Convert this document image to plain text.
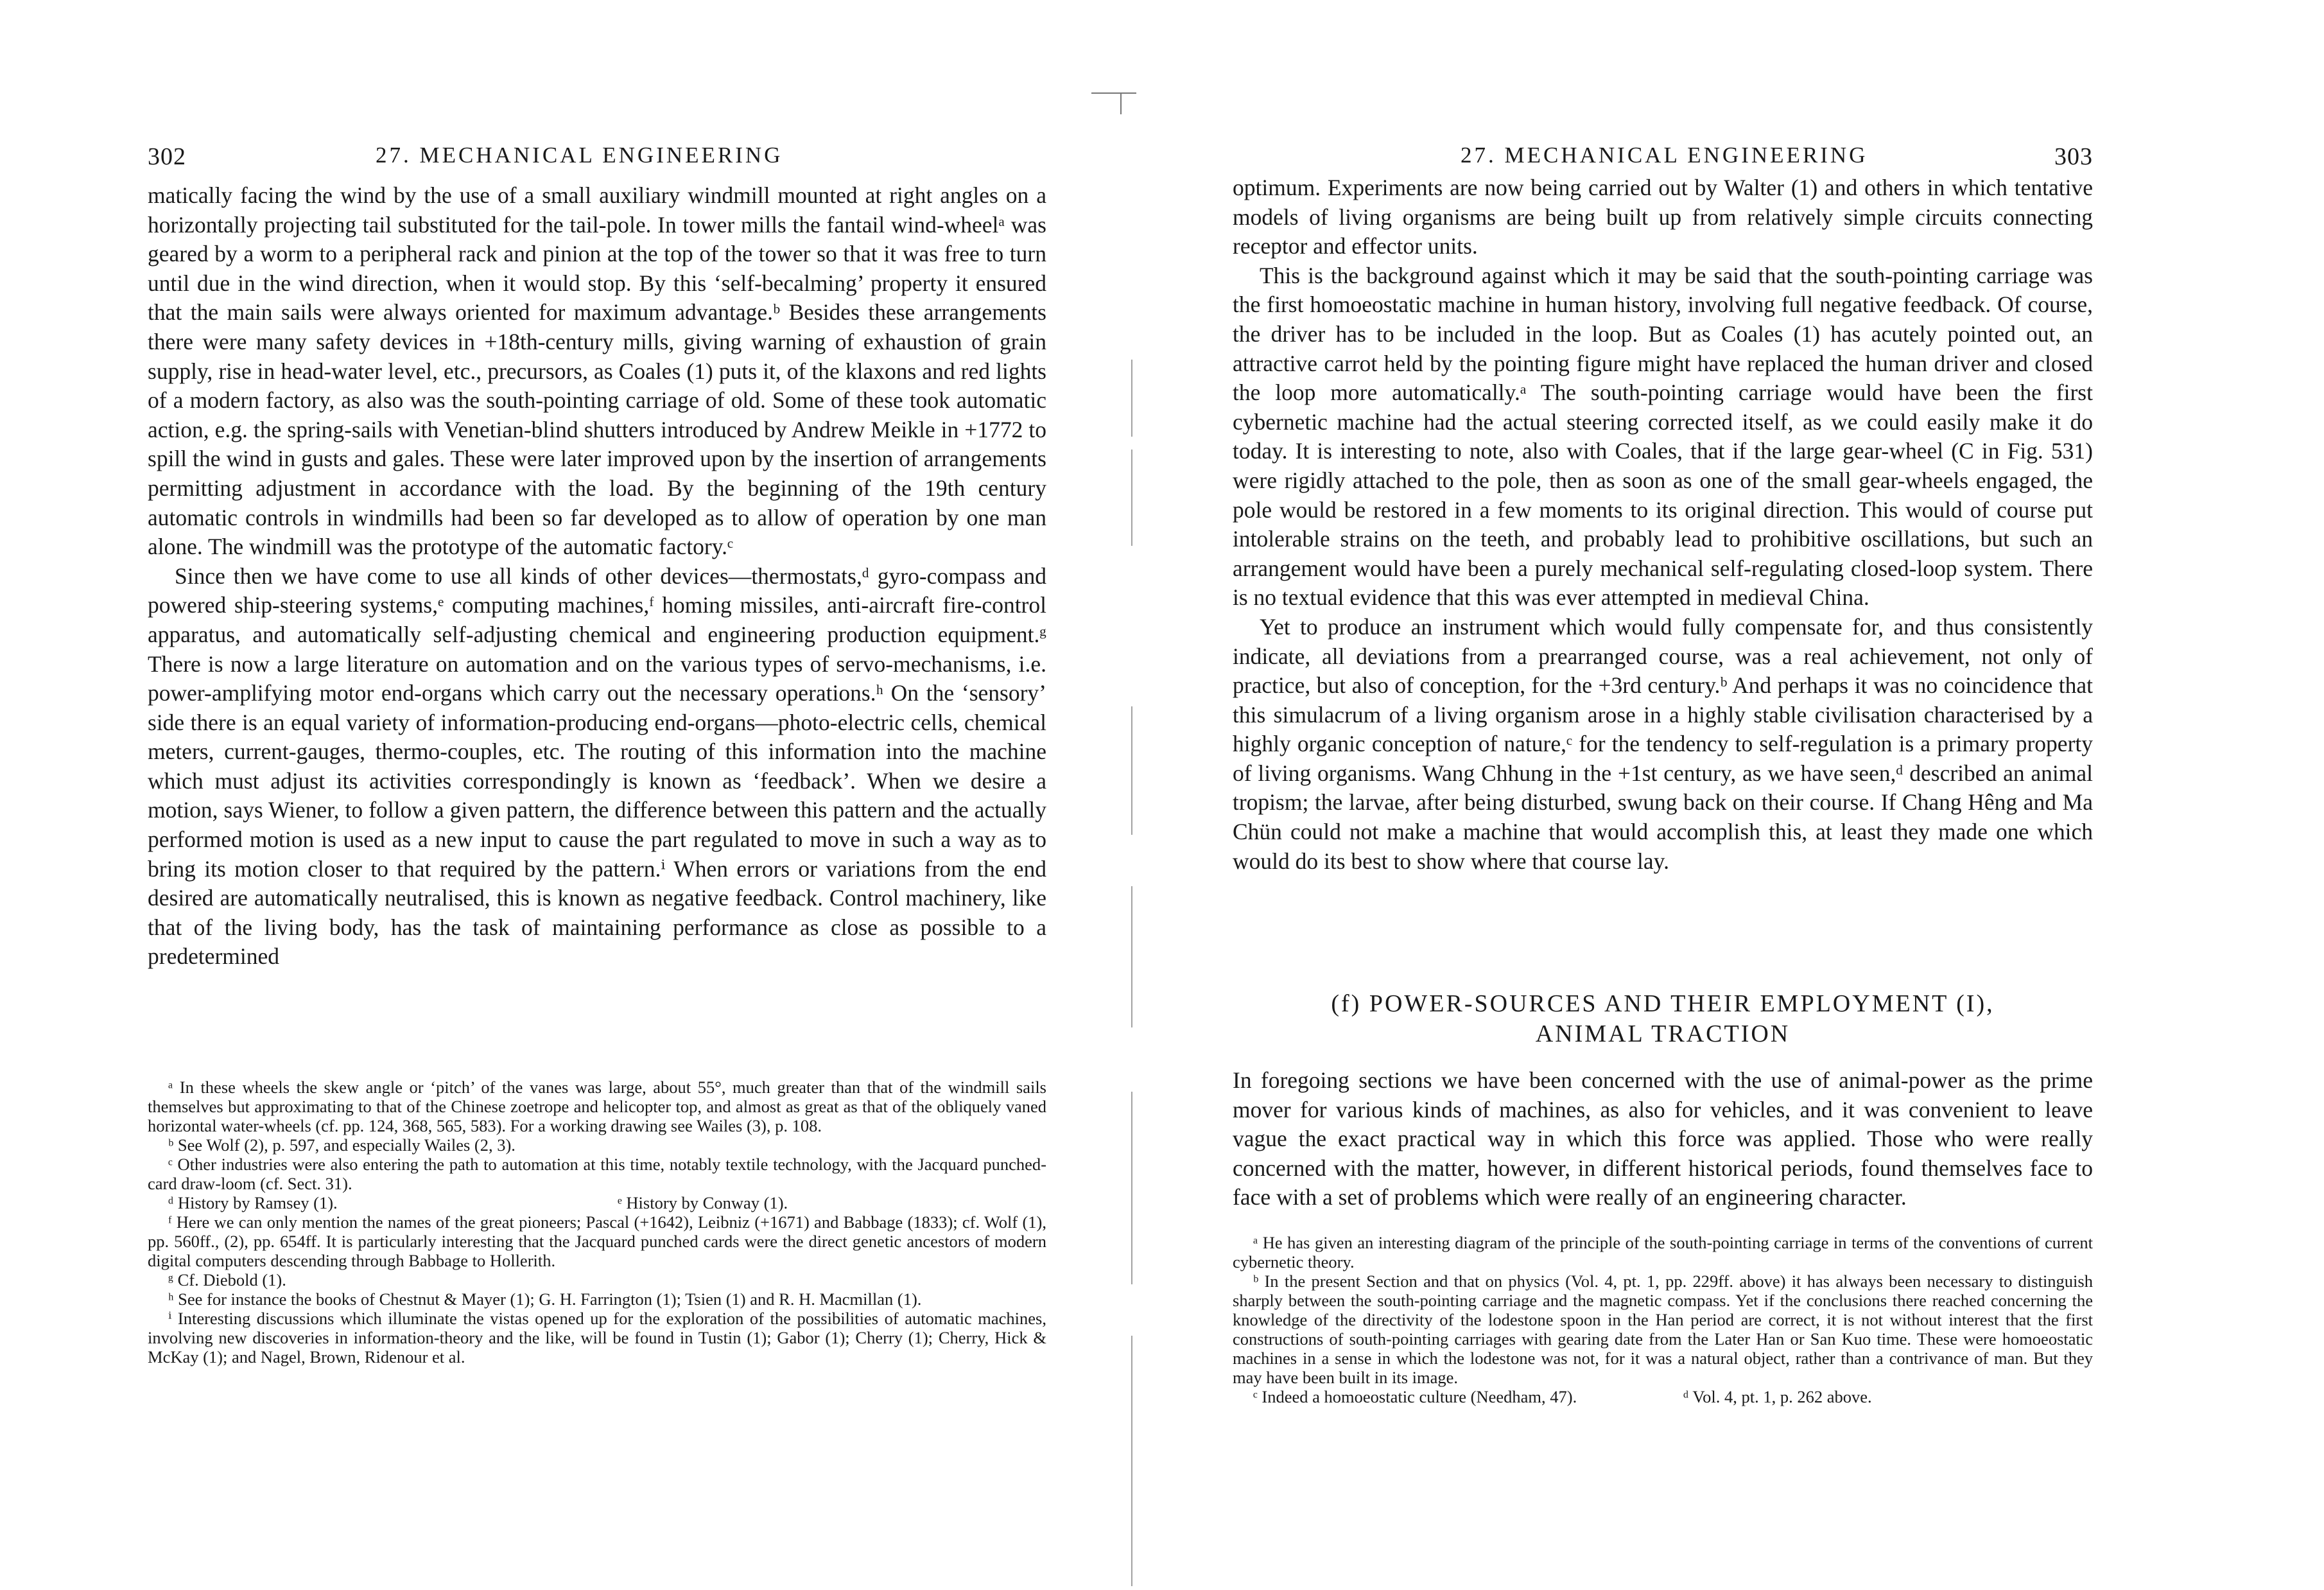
302	27. MECHANICAL ENGINEERING

matically facing the wind by the use of a small auxiliary windmill mounted at right angles on a horizontally projecting tail substituted for the tail-pole. In tower mills the fantail wind-wheelᵃ was geared by a worm to a peripheral rack and pinion at the top of the tower so that it was free to turn until due in the wind direction, when it would stop. By this ‘self-becalming’ property it ensured that the main sails were always oriented for maximum advantage.ᵇ Besides these arrangements there were many safety devices in +18th-century mills, giving warning of exhaustion of grain supply, rise in head-water level, etc., precursors, as Coales (1) puts it, of the klaxons and red lights of a modern factory, as also was the south-pointing carriage of old. Some of these took automatic action, e.g. the spring-sails with Venetian-blind shutters introduced by Andrew Meikle in +1772 to spill the wind in gusts and gales. These were later improved upon by the insertion of arrangements permitting adjustment in accordance with the load. By the beginning of the 19th century automatic controls in windmills had been so far developed as to allow of operation by one man alone. The windmill was the prototype of the automatic factory.ᶜ

Since then we have come to use all kinds of other devices—thermostats,ᵈ gyro-compass and powered ship-steering systems,ᵉ computing machines,ᶠ homing missiles, anti-aircraft fire-control apparatus, and automatically self-adjusting chemical and engineering production equipment.ᵍ There is now a large literature on automation and on the various types of servo-mechanisms, i.e. power-amplifying motor end-organs which carry out the necessary operations.ʰ On the ‘sensory’ side there is an equal variety of information-producing end-organs—photo-electric cells, chemical meters, current-gauges, thermo-couples, etc. The routing of this information into the machine which must adjust its activities correspondingly is known as ‘feedback’. When we desire a motion, says Wiener, to follow a given pattern, the difference between this pattern and the actually performed motion is used as a new input to cause the part regulated to move in such a way as to bring its motion closer to that required by the pattern.ⁱ When errors or variations from the end desired are automatically neutralised, this is known as negative feedback. Control machinery, like that of the living body, has the task of maintaining performance as close as possible to a predetermined

ᵃ In these wheels the skew angle or ‘pitch’ of the vanes was large, about 55°, much greater than that of the windmill sails themselves but approximating to that of the Chinese zoetrope and helicopter top, and almost as great as that of the obliquely vaned horizontal water-wheels (cf. pp. 124, 368, 565, 583). For a working drawing see Wailes (3), p. 108.

ᵇ See Wolf (2), p. 597, and especially Wailes (2, 3).

ᶜ Other industries were also entering the path to automation at this time, notably textile technology, with the Jacquard punched-card draw-loom (cf. Sect. 31).

ᵈ History by Ramsey (1).	ᵉ History by Conway (1).

ᶠ Here we can only mention the names of the great pioneers; Pascal (+1642), Leibniz (+1671) and Babbage (1833); cf. Wolf (1), pp. 560ff., (2), pp. 654ff. It is particularly interesting that the Jacquard punched cards were the direct genetic ancestors of modern digital computers descending through Babbage to Hollerith.

ᵍ Cf. Diebold (1).

ʰ See for instance the books of Chestnut & Mayer (1); G. H. Farrington (1); Tsien (1) and R. H. Macmillan (1).

ⁱ Interesting discussions which illuminate the vistas opened up for the exploration of the possibilities of automatic machines, involving new discoveries in information-theory and the like, will be found in Tustin (1); Gabor (1); Cherry (1); Cherry, Hick & McKay (1); and Nagel, Brown, Ridenour et al.

27. MECHANICAL ENGINEERING	303

optimum. Experiments are now being carried out by Walter (1) and others in which tentative models of living organisms are being built up from relatively simple circuits connecting receptor and effector units.

This is the background against which it may be said that the south-pointing carriage was the first homoeostatic machine in human history, involving full negative feedback. Of course, the driver has to be included in the loop. But as Coales (1) has acutely pointed out, an attractive carrot held by the pointing figure might have replaced the human driver and closed the loop more automatically.ᵃ The south-pointing carriage would have been the first cybernetic machine had the actual steering corrected itself, as we could easily make it do today. It is interesting to note, also with Coales, that if the large gear-wheel (C in Fig. 531) were rigidly attached to the pole, then as soon as one of the small gear-wheels engaged, the pole would be restored in a few moments to its original direction. This would of course put intolerable strains on the teeth, and probably lead to prohibitive oscillations, but such an arrangement would have been a purely mechanical self-regulating closed-loop system. There is no textual evidence that this was ever attempted in medieval China.

Yet to produce an instrument which would fully compensate for, and thus consistently indicate, all deviations from a prearranged course, was a real achievement, not only of practice, but also of conception, for the +3rd century.ᵇ And perhaps it was no coincidence that this simulacrum of a living organism arose in a highly stable civilisation characterised by a highly organic conception of nature,ᶜ for the tendency to self-regulation is a primary property of living organisms. Wang Chhung in the +1st century, as we have seen,ᵈ described an animal tropism; the larvae, after being disturbed, swung back on their course. If Chang Hêng and Ma Chün could not make a machine that would accomplish this, at least they made one which would do its best to show where that course lay.

(f) POWER-SOURCES AND THEIR EMPLOYMENT (I),
ANIMAL TRACTION

In foregoing sections we have been concerned with the use of animal-power as the prime mover for various kinds of machines, as also for vehicles, and it was convenient to leave vague the exact practical way in which this force was applied. Those who were really concerned with the matter, however, in different historical periods, found themselves face to face with a set of problems which were really of an engineering character.

ᵃ He has given an interesting diagram of the principle of the south-pointing carriage in terms of the conventions of current cybernetic theory.

ᵇ In the present Section and that on physics (Vol. 4, pt. 1, pp. 229ff. above) it has always been necessary to distinguish sharply between the south-pointing carriage and the magnetic compass. Yet if the conclusions there reached concerning the knowledge of the directivity of the lodestone spoon in the Han period are correct, it is not without interest that the first constructions of south-pointing carriages with gearing date from the Later Han or San Kuo time. These were homoeostatic machines in a sense in which the lodestone was not, for it was a natural object, rather than a contrivance of man. But they may have been built in its image.

ᶜ Indeed a homoeostatic culture (Needham, 47).	ᵈ Vol. 4, pt. 1, p. 262 above.
